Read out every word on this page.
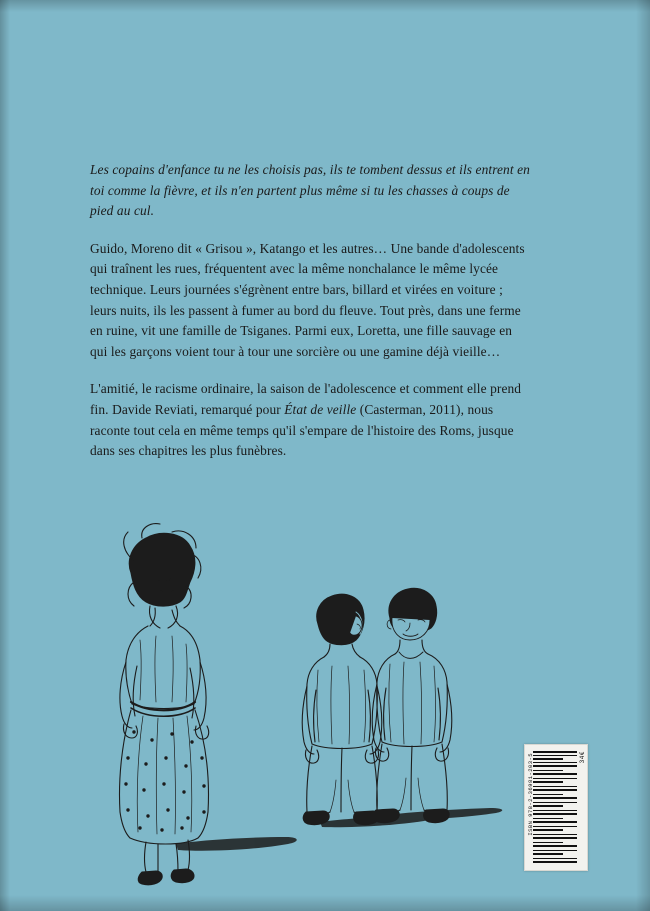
Les copains d'enfance tu ne les choisis pas, ils te tombent dessus et ils entrent en toi comme la fièvre, et ils n'en partent plus même si tu les chasses à coups de pied au cul.

Guido, Moreno dit « Grisou », Katango et les autres… Une bande d'adolescents qui traînent les rues, fréquentent avec la même nonchalance le même lycée technique. Leurs journées s'égrènent entre bars, billard et virées en voiture ; leurs nuits, ils les passent à fumer au bord du fleuve. Tout près, dans une ferme en ruine, vit une famille de Tsiganes. Parmi eux, Loretta, une fille sauvage en qui les garçons voient tour à tour une sorcière ou une gamine déjà vieille…

L'amitié, le racisme ordinaire, la saison de l'adolescence et comment elle prend fin. Davide Reviati, remarqué pour État de veille (Casterman, 2011), nous raconte tout cela en même temps qu'il s'empare de l'histoire des Roms, jusque dans ses chapitres les plus funèbres.

ISBN 978-2-36981-203-5	34€
